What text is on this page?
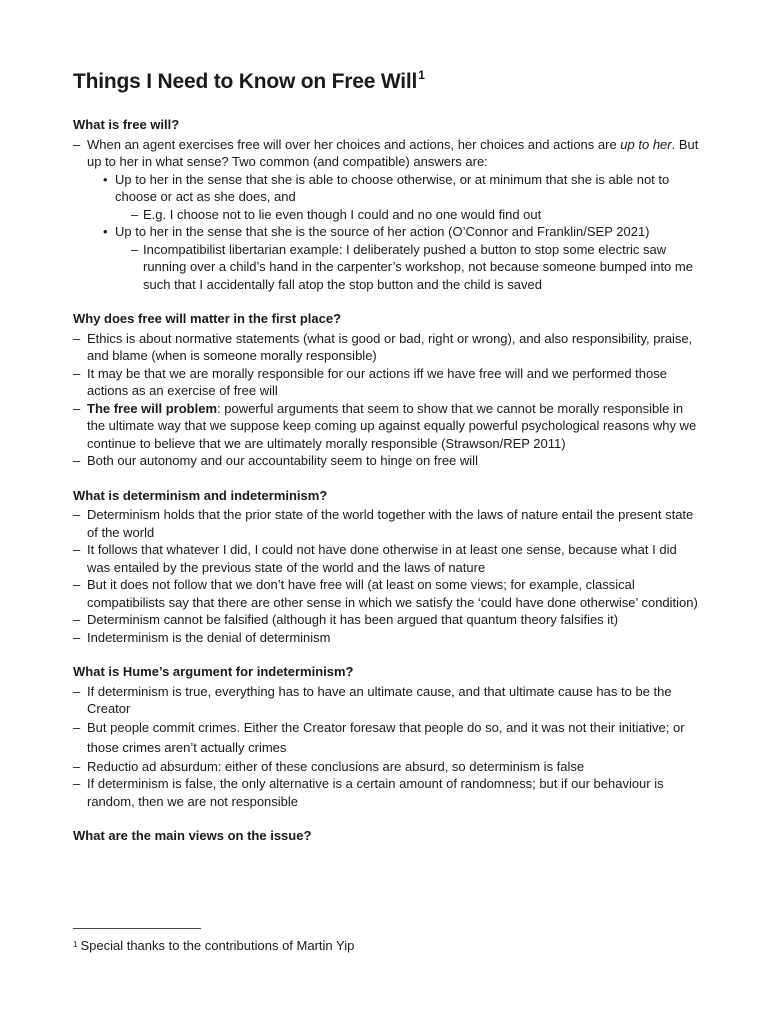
Things I Need to Know on Free Will$^1$
What is free will?
– When an agent exercises free will over her choices and actions, her choices and actions are up to her. But up to her in what sense? Two common (and compatible) answers are:
• Up to her in the sense that she is able to choose otherwise, or at minimum that she is able not to choose or act as she does, and
– E.g. I choose not to lie even though I could and no one would find out
• Up to her in the sense that she is the source of her action (O’Connor and Franklin/SEP 2021)
– Incompatibilist libertarian example: I deliberately pushed a button to stop some electric saw running over a child’s hand in the carpenter’s workshop, not because someone bumped into me such that I accidentally fall atop the stop button and the child is saved
Why does free will matter in the first place?
– Ethics is about normative statements (what is good or bad, right or wrong), and also responsibility, praise, and blame (when is someone morally responsible)
– It may be that we are morally responsible for our actions iff we have free will and we performed those actions as an exercise of free will
– The free will problem: powerful arguments that seem to show that we cannot be morally responsible in the ultimate way that we suppose keep coming up against equally powerful psychological reasons why we continue to believe that we are ultimately morally responsible (Strawson/REP 2011)
– Both our autonomy and our accountability seem to hinge on free will
What is determinism and indeterminism?
– Determinism holds that the prior state of the world together with the laws of nature entail the present state of the world
– It follows that whatever I did, I could not have done otherwise in at least one sense, because what I did was entailed by the previous state of the world and the laws of nature
– But it does not follow that we don’t have free will (at least on some views; for example, classical compatibilists say that there are other sense in which we satisfy the ‘could have done otherwise’ condition)
– Determinism cannot be falsified (although it has been argued that quantum theory falsifies it)
– Indeterminism is the denial of determinism
What is Hume’s argument for indeterminism?
– If determinism is true, everything has to have an ultimate cause, and that ultimate cause has to be the Creator
– But people commit crimes. Either the Creator foresaw that people do so, and it was not their initiative; or those crimes aren’t actually crimes
– Reductio ad absurdum: either of these conclusions are absurd, so determinism is false
– If determinism is false, the only alternative is a certain amount of randomness; but if our behaviour is random, then we are not responsible
What are the main views on the issue?
$^1$ Special thanks to the contributions of Martin Yip
